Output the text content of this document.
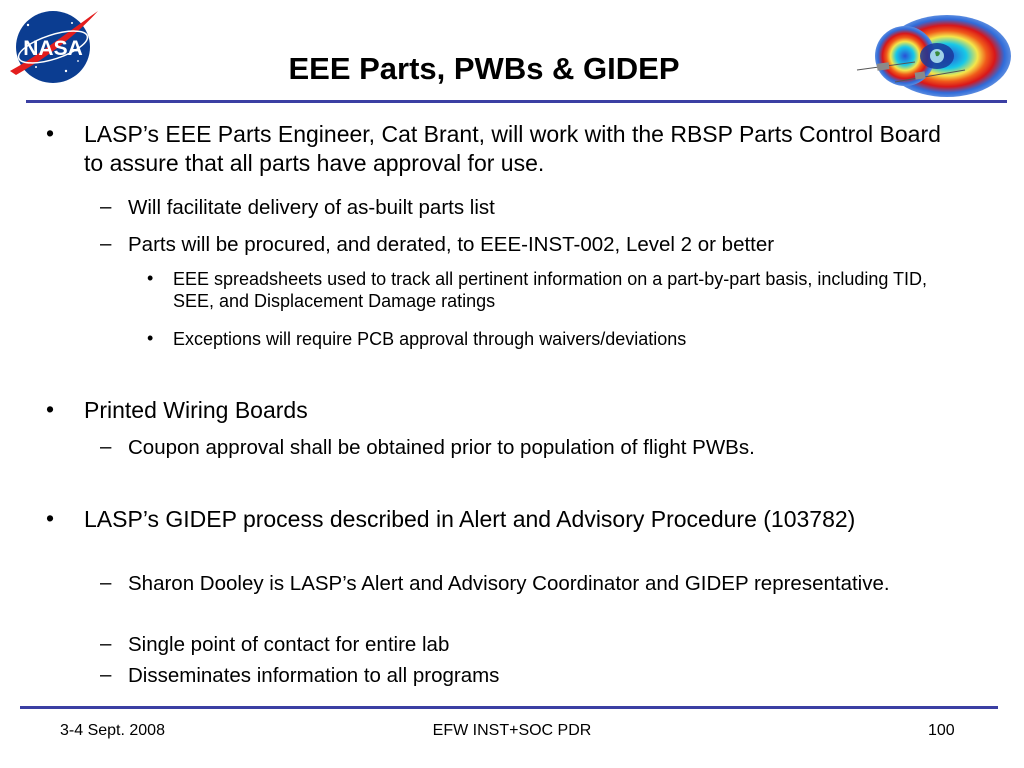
NASA
EEE Parts, PWBs & GIDEP
• LASP’s EEE Parts Engineer, Cat Brant, will work with the RBSP Parts Control Board to assure that all parts have approval for use.

– Will facilitate delivery of as-built parts list

– Parts will be procured, and derated, to EEE-INST-002, Level 2 or better

• EEE spreadsheets used to track all pertinent information on a part-by-part basis, including TID, SEE, and Displacement Damage ratings

• Exceptions will require PCB approval through waivers/deviations

• Printed Wiring Boards

– Coupon approval shall be obtained prior to population of flight PWBs.

• LASP’s GIDEP process described in Alert and Advisory Procedure (103782)

– Sharon Dooley is LASP’s Alert and Advisory Coordinator and GIDEP representative.

– Single point of contact for entire lab

– Disseminates information to all programs

3-4 Sept. 2008	EFW INST+SOC PDR	100
